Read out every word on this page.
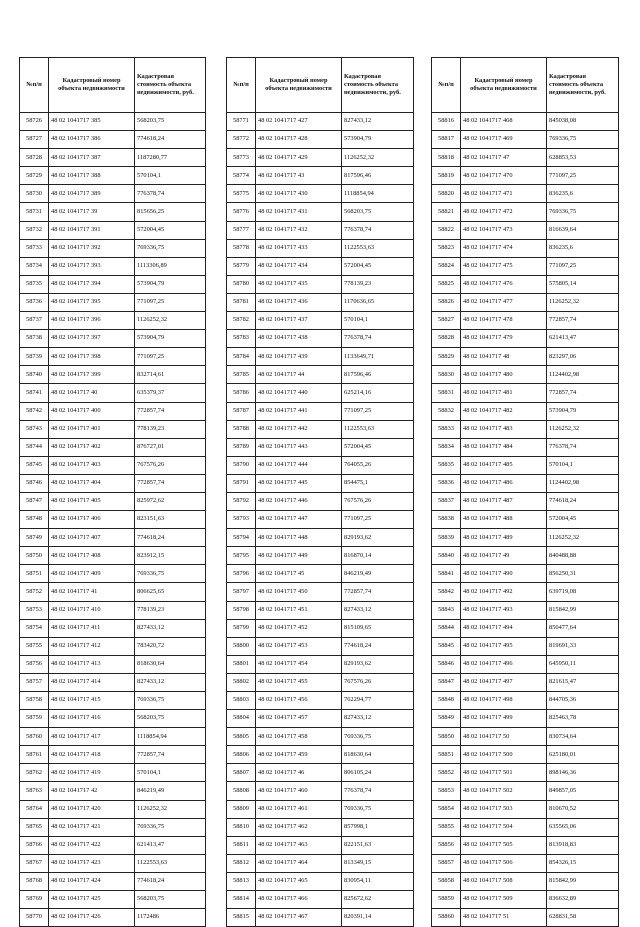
№п/п	Кадастровый номер объекта недвижимости	Кадастровая стоимость объекта недвижимости, руб.
58726	48 02 1041717 385	568203,75
58727	48 02 1041717 386	774618,24
58728	48 02 1041717 387	1187280,77
58729	48 02 1041717 388	570104,1
58730	48 02 1041717 389	776378,74
58731	48 02 1041717 39	815656,25
58732	48 02 1041717 391	572004,45
58733	48 02 1041717 392	769336,75
58734	48 02 1041717 393	1113306,89
58735	48 02 1041717 394	573904,79
58736	48 02 1041717 395	771097,25
58737	48 02 1041717 396	1126252,32
58738	48 02 1041717 397	573904,79
58739	48 02 1041717 398	771097,25
58740	48 02 1041717 399	832714,61
58741	48 02 1041717 40	635379,37
58742	48 02 1041717 400	772857,74
58743	48 02 1041717 401	778139,23
58744	48 02 1041717 402	876727,01
58745	48 02 1041717 403	767576,26
58746	48 02 1041717 404	772857,74
58747	48 02 1041717 405	825972,62
58748	48 02 1041717 406	823151,63
58749	48 02 1041717 407	774618,24
58750	48 02 1041717 408	823912,15
58751	48 02 1041717 409	769336,75
58752	48 02 1041717 41	806625,65
58753	48 02 1041717 410	778139,23
58754	48 02 1041717 411	827433,12
58755	48 02 1041717 412	783420,72
58756	48 02 1041717 413	818630,64
58757	48 02 1041717 414	827433,12
58758	48 02 1041717 415	769336,75
58759	48 02 1041717 416	568203,75
58760	48 02 1041717 417	1118854,94
58761	48 02 1041717 418	772857,74
58762	48 02 1041717 419	570104,1
58763	48 02 1041717 42	846219,49
58764	48 02 1041717 420	1126252,32
58765	48 02 1041717 421	769336,75
58766	48 02 1041717 422	621413,47
58767	48 02 1041717 423	1122553,63
58768	48 02 1041717 424	774618,24
58769	48 02 1041717 425	568203,75
58770	48 02 1041717 426	1172486
№п/п	Кадастровый номер объекта недвижимости	Кадастровая стоимость объекта недвижимости, руб.
58771	48 02 1041717 427	827433,12
58772	48 02 1041717 428	573904,79
58773	48 02 1041717 429	1126252,32
58774	48 02 1041717 43	817596,46
58775	48 02 1041717 430	1118854,94
58776	48 02 1041717 431	568203,75
58777	48 02 1041717 432	776378,74
58778	48 02 1041717 433	1122553,63
58779	48 02 1041717 434	572004,45
58780	48 02 1041717 435	778139,23
58781	48 02 1041717 436	1170636,65
58782	48 02 1041717 437	570104,1
58783	48 02 1041717 438	776378,74
58784	48 02 1041717 439	1133649,71
58785	48 02 1041717 44	817596,46
58786	48 02 1041717 440	625214,16
58787	48 02 1041717 441	771097,25
58788	48 02 1041717 442	1122553,63
58789	48 02 1041717 443	572004,45
58790	48 02 1041717 444	764055,26
58791	48 02 1041717 445	854475,1
58792	48 02 1041717 446	767576,26
58793	48 02 1041717 447	771097,25
58794	48 02 1041717 448	829193,62
58795	48 02 1041717 449	816870,14
58796	48 02 1041717 45	846219,49
58797	48 02 1041717 450	772857,74
58798	48 02 1041717 451	827433,12
58799	48 02 1041717 452	815109,65
58800	48 02 1041717 453	774618,24
58801	48 02 1041717 454	829193,62
58802	48 02 1041717 455	767576,26
58803	48 02 1041717 456	762294,77
58804	48 02 1041717 457	827433,12
58805	48 02 1041717 458	769336,75
58806	48 02 1041717 459	818630,64
58807	48 02 1041717 46	806105,24
58808	48 02 1041717 460	776378,74
58809	48 02 1041717 461	769336,75
58810	48 02 1041717 462	857998,1
58811	48 02 1041717 463	822151,63
58812	48 02 1041717 464	813349,15
58813	48 02 1041717 465	830954,11
58814	48 02 1041717 466	825672,62
58815	48 02 1041717 467	820391,14
№п/п	Кадастровый номер объекта недвижимости	Кадастровая стоимость объекта недвижимости, руб.
58816	48 02 1041717 468	845038,08
58817	48 02 1041717 469	769336,75
58818	48 02 1041717 47	628853,53
58819	48 02 1041717 470	771097,25
58820	48 02 1041717 471	836235,6
58821	48 02 1041717 472	769336,75
58822	48 02 1041717 473	816639,64
58823	48 02 1041717 474	836235,6
58824	48 02 1041717 475	771097,25
58825	48 02 1041717 476	575805,14
58826	48 02 1041717 477	1126252,32
58827	48 02 1041717 478	772857,74
58828	48 02 1041717 479	621413,47
58829	48 02 1041717 48	823297,06
58830	48 02 1041717 480	1124402,98
58831	48 02 1041717 481	772857,74
58832	48 02 1041717 482	573904,79
58833	48 02 1041717 483	1126252,32
58834	48 02 1041717 484	776378,74
58835	48 02 1041717 485	570104,1
58836	48 02 1041717 486	1124402,98
58837	48 02 1041717 487	774618,24
58838	48 02 1041717 488	572004,45
58839	48 02 1041717 489	1126252,32
58840	48 02 1041717 49	840488,88
58841	48 02 1041717 490	856250,31
58842	48 02 1041717 492	639719,08
58843	48 02 1041717 493	815842,99
58844	48 02 1041717 494	850477,64
58845	48 02 1041717 495	819691,33
58846	48 02 1041717 496	645950,11
58847	48 02 1041717 497	821615,47
58848	48 02 1041717 498	844705,36
58849	48 02 1041717 499	825463,78
58850	48 02 1041717 50	830734,64
58851	48 02 1041717 500	625180,01
58852	48 02 1041717 501	898146,36
58853	48 02 1041717 502	849857,05
58854	48 02 1041717 503	810670,52
58855	48 02 1041717 504	635565,06
58856	48 02 1041717 505	813918,83
58857	48 02 1041717 506	854326,15
58858	48 02 1041717 508	815842,99
58859	48 02 1041717 509	836632,89
58860	48 02 1041717 51	628831,58
